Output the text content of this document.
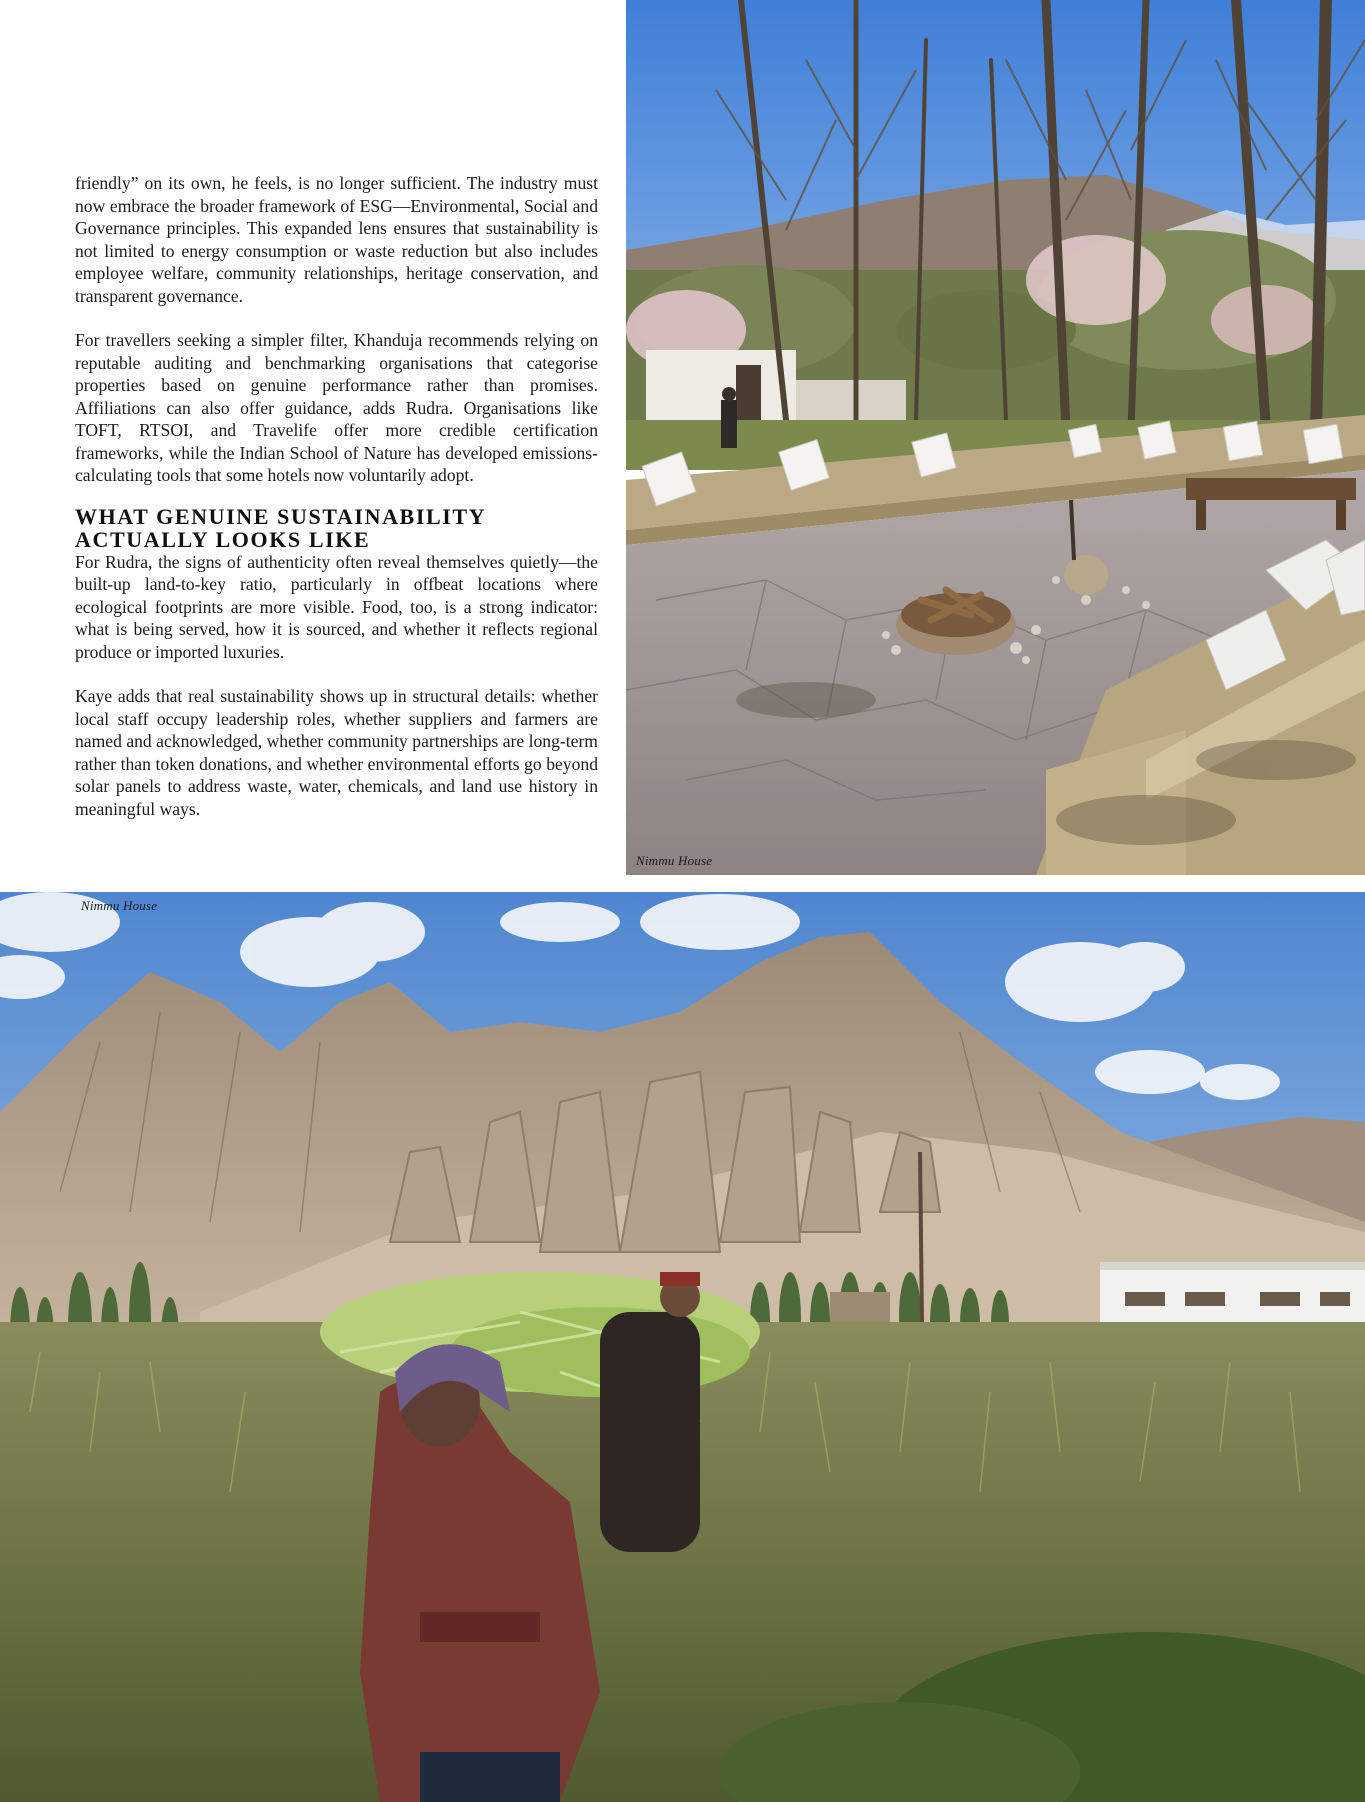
friendly” on its own, he feels, is no longer sufficient. The industry must now embrace the broader framework of ESG—Environmental, Social and Governance principles. This expanded lens ensures that sustainability is not limited to energy consumption or waste reduction but also includes employee welfare, community relationships, heritage conservation, and transparent governance.

For travellers seeking a simpler filter, Khanduja recommends relying on reputable auditing and benchmarking organisations that categorise properties based on genuine performance rather than promises. Affiliations can also offer guidance, adds Rudra. Organisations like TOFT, RTSOI, and Travelife offer more credible certification frameworks, while the Indian School of Nature has developed emissions-calculating tools that some hotels now voluntarily adopt.

WHAT GENUINE SUSTAINABILITY
ACTUALLY LOOKS LIKE

For Rudra, the signs of authenticity often reveal themselves quietly—the built-up land-to-key ratio, particularly in offbeat locations where ecological footprints are more visible. Food, too, is a strong indicator: what is being served, how it is sourced, and whether it reflects regional produce or imported luxuries.

Kaye adds that real sustainability shows up in structural details: whether local staff occupy leadership roles, whether suppliers and farmers are named and acknowledged, whether community partnerships are long-term rather than token donations, and whether environmental efforts go beyond solar panels to address waste, water, chemicals, and land use history in meaningful ways.

Nimmu House
Nimmu House
